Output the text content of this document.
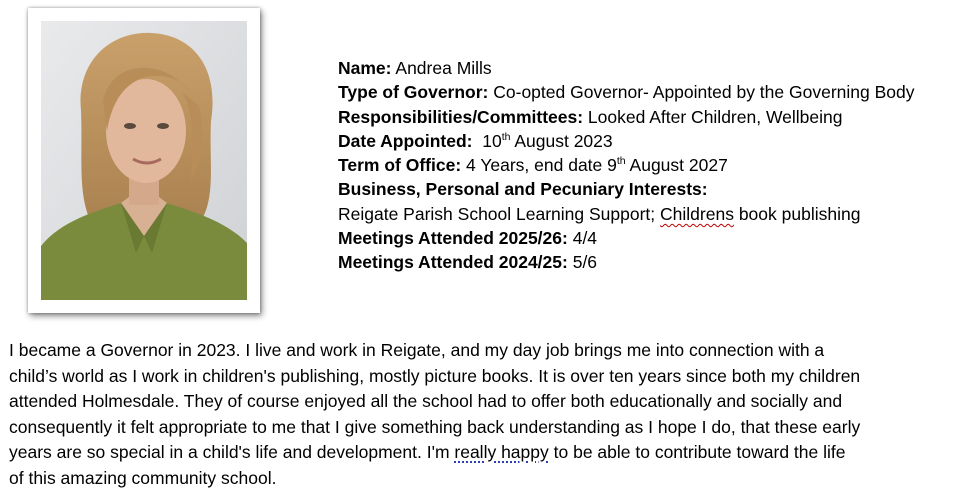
Name: Andrea Mills
Type of Governor: Co-opted Governor- Appointed by the Governing Body
Responsibilities/Committees: Looked After Children, Wellbeing
Date Appointed:  10th August 2023
Term of Office: 4 Years, end date 9th August 2027
Business, Personal and Pecuniary Interests:
Reigate Parish School Learning Support; Childrens book publishing
Meetings Attended 2025/26: 4/4
Meetings Attended 2024/25: 5/6
I became a Governor in 2023. I live and work in Reigate, and my day job brings me into connection with a
child’s world as I work in children's publishing, mostly picture books. It is over ten years since both my children
attended Holmesdale. They of course enjoyed all the school had to offer both educationally and socially and
consequently it felt appropriate to me that I give something back understanding as I hope I do, that these early
years are so special in a child's life and development. I'm really happy to be able to contribute toward the life
of this amazing community school.
